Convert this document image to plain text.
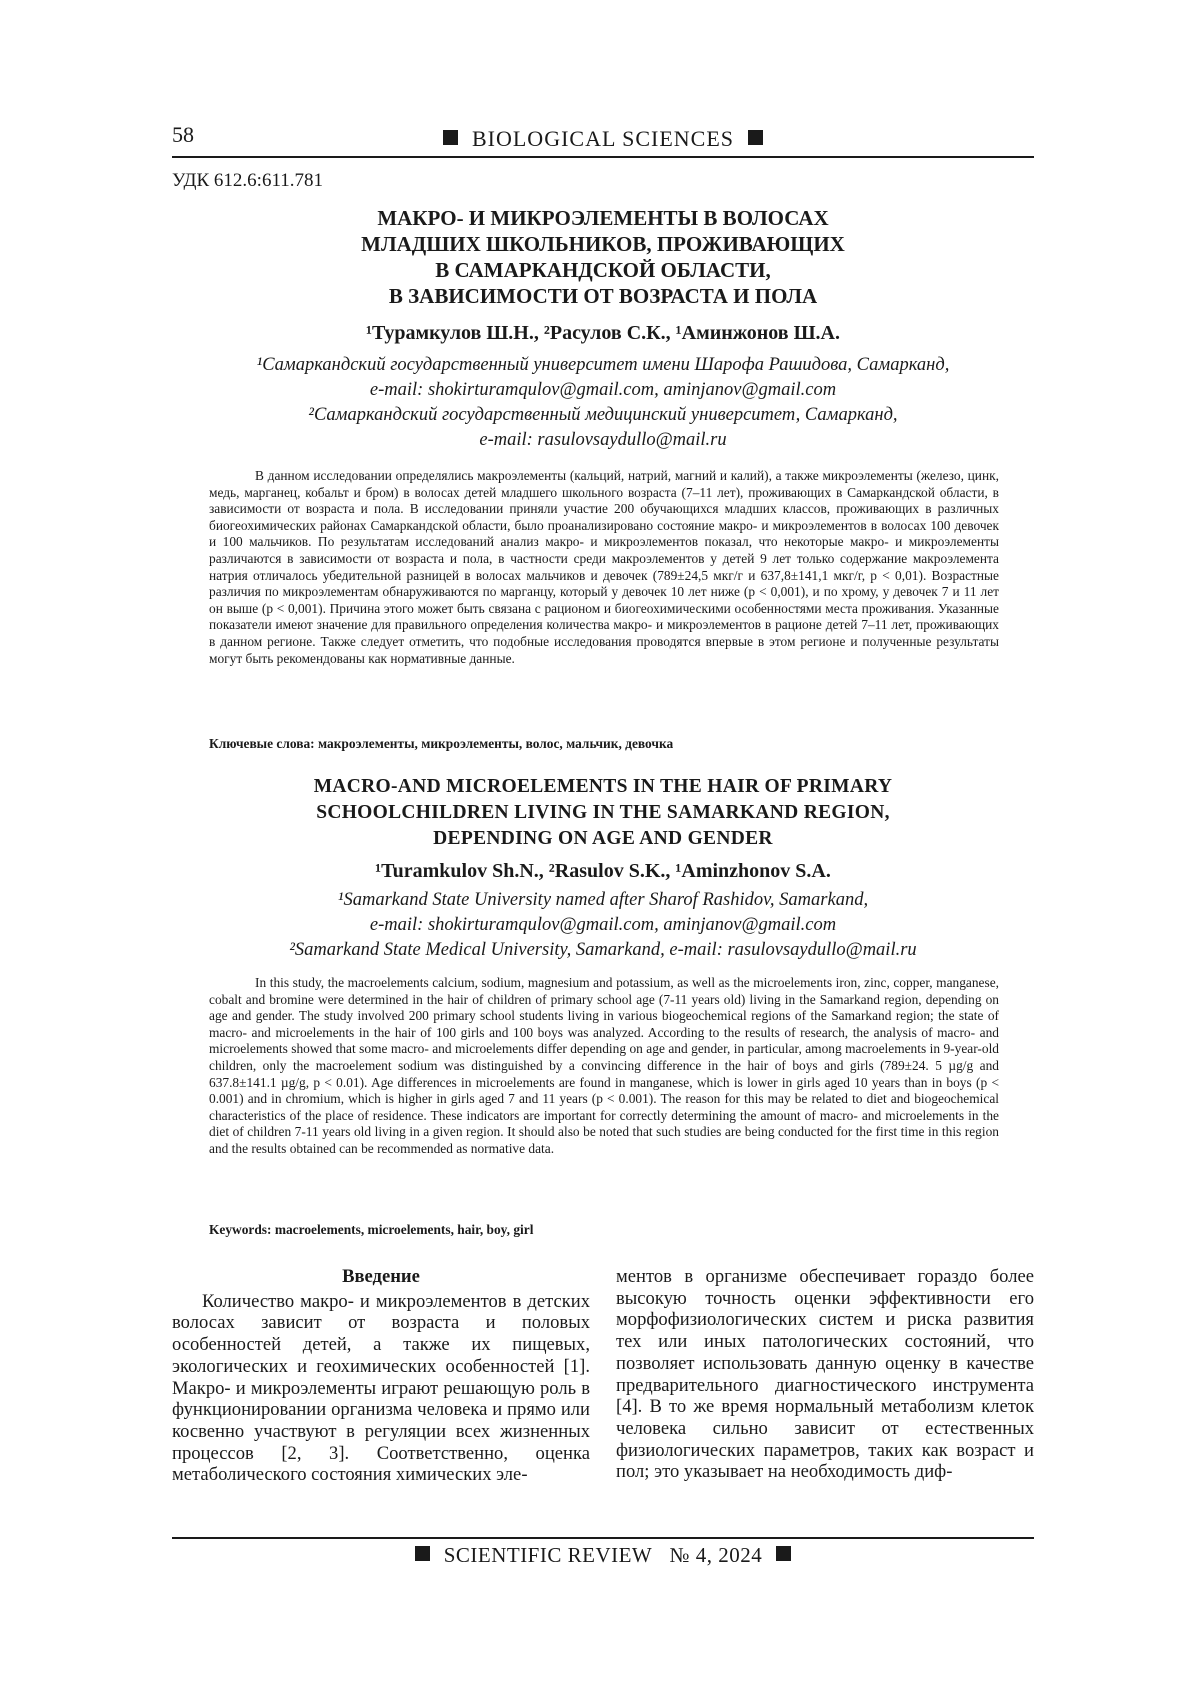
58	BIOLOGICAL SCIENCES
УДК 612.6:611.781
МАКРО- И МИКРОЭЛЕМЕНТЫ В ВОЛОСАХ
МЛАДШИХ ШКОЛЬНИКОВ, ПРОЖИВАЮЩИХ
В САМАРКАНДСКОЙ ОБЛАСТИ,
В ЗАВИСИМОСТИ ОТ ВОЗРАСТА И ПОЛА
¹Турамкулов Ш.Н., ²Расулов С.К., ¹Аминжонов Ш.А.
¹Самаркандский государственный университет имени Шарофа Рашидова, Самарканд,
e-mail: shokirturamqulov@gmail.com, aminjanov@gmail.com
²Самаркандский государственный медицинский университет, Самарканд,
e-mail: rasulovsaydullo@mail.ru

В данном исследовании определялись макроэлементы (кальций, натрий, магний и калий), а также микроэлементы (железо, цинк, медь, марганец, кобальт и бром) в волосах детей младшего школьного возраста (7–11 лет), проживающих в Самаркандской области, в зависимости от возраста и пола. В исследовании приняли участие 200 обучающихся младших классов, проживающих в различных биогеохимических районах Самаркандской области, было проанализировано состояние макро- и микроэлементов в волосах 100 девочек и 100 мальчиков. По результатам исследований анализ макро- и микроэлементов показал, что некоторые макро- и микроэлементы различаются в зависимости от возраста и пола, в частности среди макроэлементов у детей 9 лет только содержание макроэлемента натрия отличалось убедительной разницей в волосах мальчиков и девочек (789±24,5 мкг/г и 637,8±141,1 мкг/г, p < 0,01). Возрастные различия по микроэлементам обнаруживаются по марганцу, который у девочек 10 лет ниже (p < 0,001), и по хрому, у девочек 7 и 11 лет он выше (p < 0,001). Причина этого может быть связана с рационом и биогеохимическими особенностями места проживания. Указанные показатели имеют значение для правильного определения количества макро- и микроэлементов в рационе детей 7–11 лет, проживающих в данном регионе. Также следует отметить, что подобные исследования проводятся впервые в этом регионе и полученные результаты могут быть рекомендованы как нормативные данные.

Ключевые слова: макроэлементы, микроэлементы, волос, мальчик, девочка
MACRO-AND MICROELEMENTS IN THE HAIR OF PRIMARY
SCHOOLCHILDREN LIVING IN THE SAMARKAND REGION,
DEPENDING ON AGE AND GENDER
¹Turamkulov Sh.N., ²Rasulov S.K., ¹Aminzhonov S.A.
¹Samarkand State University named after Sharof Rashidov, Samarkand,
e-mail: shokirturamqulov@gmail.com, aminjanov@gmail.com
²Samarkand State Medical University, Samarkand, e-mail: rasulovsaydullo@mail.ru

In this study, the macroelements calcium, sodium, magnesium and potassium, as well as the microelements iron, zinc, copper, manganese, cobalt and bromine were determined in the hair of children of primary school age (7-11 years old) living in the Samarkand region, depending on age and gender. The study involved 200 primary school students living in various biogeochemical regions of the Samarkand region; the state of macro- and microelements in the hair of 100 girls and 100 boys was analyzed. According to the results of research, the analysis of macro- and microelements showed that some macro- and microelements differ depending on age and gender, in particular, among macroelements in 9-year-old children, only the macroelement sodium was distinguished by a convincing difference in the hair of boys and girls (789±24. 5 µg/g and 637.8±141.1 µg/g, p < 0.01). Age differences in microelements are found in manganese, which is lower in girls aged 10 years than in boys (p < 0.001) and in chromium, which is higher in girls aged 7 and 11 years (p < 0.001). The reason for this may be related to diet and biogeochemical characteristics of the place of residence. These indicators are important for correctly determining the amount of macro- and microelements in the diet of children 7-11 years old living in a given region. It should also be noted that such studies are being conducted for the first time in this region and the results obtained can be recommended as normative data.

Keywords: macroelements, microelements, hair, boy, girl
Введение

Количество макро- и микроэлементов в детских волосах зависит от возраста и половых особенностей детей, а также их пищевых, экологических и геохимических особенностей [1]. Макро- и микроэлементы играют решающую роль в функционировании организма человека и прямо или косвенно участвуют в регуляции всех жизненных процессов [2, 3]. Соответственно, оценка метаболического состояния химических эле-

ментов в организме обеспечивает гораздо более высокую точность оценки эффективности его морфофизиологических систем и риска развития тех или иных патологических состояний, что позволяет использовать данную оценку в качестве предварительного диагностического инструмента [4]. В то же время нормальный метаболизм клеток человека сильно зависит от естественных физиологических параметров, таких как возраст и пол; это указывает на необходимость диф-

SCIENTIFIC REVIEW № 4, 2024
